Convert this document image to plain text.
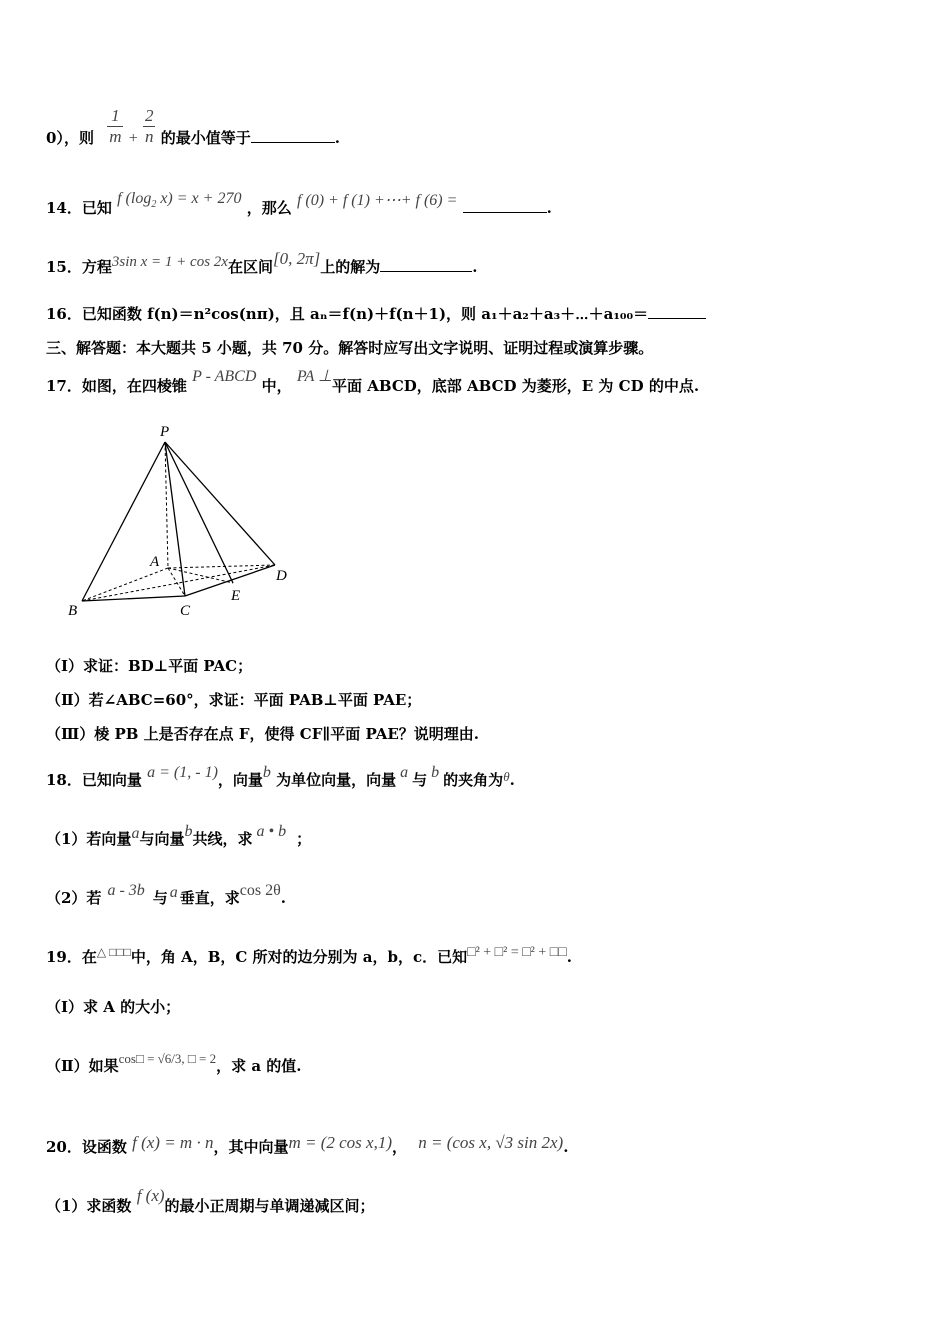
0），则 $\frac{1}{m} + \frac{2}{n}$ 的最小值等于	.
14．已知 f ($\log_2$ x) = x + 270 ，那么 f (0) + f (1) +⋯+ f (6) =	.
15．方程3sin x = 1 + cos 2x在区间[0, 2π]上的解为	.
16．已知函数 f(n)＝n²cos(nπ)，且 aₙ＝f(n)＋f(n＋1)，则 a₁＋a₂＋a₃＋⋯＋a₁₀₀＝
三、解答题：本大题共 5 小题，共 70 分。解答时应写出文字说明、证明过程或演算步骤。
17．如图，在四棱锥 P - ABCD 中， PA ⊥平面 ABCD，底部 ABCD 为菱形，E 为 CD 的中点.
P
A
B	C
D
E
（Ⅰ）求证：BD⊥平面 PAC；
（Ⅱ）若∠ABC=60°，求证：平面 PAB⊥平面 PAE；
（Ⅲ）棱 PB 上是否存在点 F，使得 CF∥平面 PAE？说明理由.
18．已知向量 a = (1, - 1)，向量b 为单位向量，向量 a 与 b 的夹角为θ.
（1）若向量a与向量b共线，求 a • b ；
（2）若 a - 3b 与 a 垂直，求cos 2θ.
19．在△ □□□中，角 A，B，C 所对的边分别为 a，b，c．已知□² + □² = □² + □□.
（Ⅰ）求 A 的大小；
（Ⅱ）如果cos□ = √6/3, □ = 2，求 a 的值.
20．设函数 f (x) = m · n，其中向量m = (2 cos x,1)， n = (cos x, √3 sin 2x).
（1）求函数 f (x)的最小正周期与单调递减区间；
